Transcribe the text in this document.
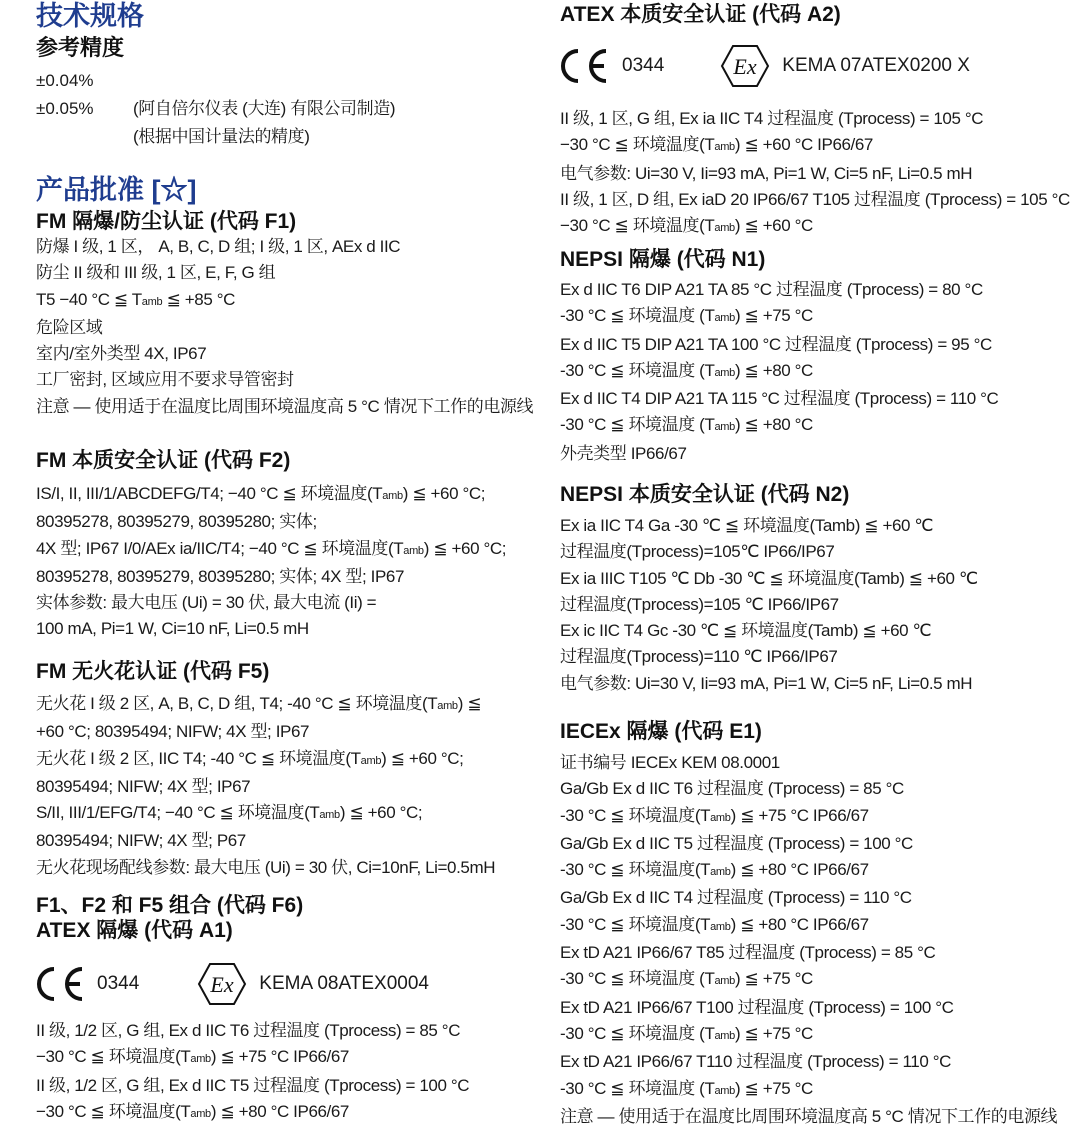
技术规格
参考精度
±0.04%
±0.05% (阿自倍尔仪表 (大连) 有限公司制造)
(根据中国计量法的精度)
产品批准 [☆]
FM 隔爆/防尘认证 (代码 F1)
防爆 I 级, 1 区， A, B, C, D 组; I 级, 1 区, AEx d IIC
防尘 II 级和 III 级, 1 区, E, F, G 组
T5 −40 °C ≦ Tamb ≦ +85 °C
危险区域
室内/室外类型 4X, IP67
工厂密封, 区域应用不要求导管密封
注意 — 使用适于在温度比周围环境温度高 5 °C 情况下工作的电源线
FM 本质安全认证 (代码 F2)
IS/I, II, III/1/ABCDEFG/T4; −40 °C ≦ 环境温度(Tamb) ≦ +60 °C;
80395278, 80395279, 80395280; 实体;
4X 型; IP67 I/0/AEx ia/IIC/T4; −40 °C ≦ 环境温度(Tamb) ≦ +60 °C;
80395278, 80395279, 80395280; 实体; 4X 型; IP67
实体参数: 最大电压 (Ui) = 30 伏, 最大电流 (Ii) =
100 mA, Pi=1 W, Ci=10 nF, Li=0.5 mH
FM 无火花认证 (代码 F5)
无火花 I 级 2 区, A, B, C, D 组, T4; -40 °C ≦ 环境温度(Tamb) ≦
+60 °C; 80395494; NIFW; 4X 型; IP67
无火花 I 级 2 区, IIC T4; -40 °C ≦ 环境温度(Tamb) ≦ +60 °C;
80395494; NIFW; 4X 型; IP67
S/II, III/1/EFG/T4; −40 °C ≦ 环境温度(Tamb) ≦ +60 °C;
80395494; NIFW; 4X 型; P67
无火花现场配线参数: 最大电压 (Ui) = 30 伏, Ci=10nF, Li=0.5mH
F1、F2 和 F5 组合 (代码 F6)
ATEX 隔爆 (代码 A1)
0344	Ex KEMA 08ATEX0004
II 级, 1/2 区, G 组, Ex d IIC T6 过程温度 (Tprocess) = 85 °C
−30 °C ≦ 环境温度(Tamb) ≦ +75 °C IP66/67
II 级, 1/2 区, G 组, Ex d IIC T5 过程温度 (Tprocess) = 100 °C
−30 °C ≦ 环境温度(Tamb) ≦ +80 °C IP66/67
ATEX 本质安全认证 (代码 A2)
0344	Ex KEMA 07ATEX0200 X
II 级, 1 区, G 组, Ex ia IIC T4 过程温度 (Tprocess) = 105 °C
−30 °C ≦ 环境温度(Tamb) ≦ +60 °C IP66/67
电气参数: Ui=30 V, Ii=93 mA, Pi=1 W, Ci=5 nF, Li=0.5 mH
II 级, 1 区, D 组, Ex iaD 20 IP66/67 T105 过程温度 (Tprocess) = 105 °C
−30 °C ≦ 环境温度(Tamb) ≦ +60 °C
NEPSI 隔爆 (代码 N1)
Ex d IIC T6 DIP A21 TA 85 °C 过程温度 (Tprocess) = 80 °C
-30 °C ≦ 环境温度 (Tamb) ≦ +75 °C
Ex d IIC T5 DIP A21 TA 100 °C 过程温度 (Tprocess) = 95 °C
-30 °C ≦ 环境温度 (Tamb) ≦ +80 °C
Ex d IIC T4 DIP A21 TA 115 °C 过程温度 (Tprocess) = 110 °C
-30 °C ≦ 环境温度 (Tamb) ≦ +80 °C
外壳类型 IP66/67
NEPSI 本质安全认证 (代码 N2)
Ex ia IIC T4 Ga -30 ℃ ≦ 环境温度(Tamb) ≦ +60 ℃
过程温度(Tprocess)=105℃ IP66/IP67
Ex ia IIIC T105 ℃ Db -30 ℃ ≦ 环境温度(Tamb) ≦ +60 ℃
过程温度(Tprocess)=105 ℃ IP66/IP67
Ex ic IIC T4 Gc -30 ℃ ≦ 环境温度(Tamb) ≦ +60 ℃
过程温度(Tprocess)=110 ℃ IP66/IP67
电气参数: Ui=30 V, Ii=93 mA, Pi=1 W, Ci=5 nF, Li=0.5 mH
IECEx 隔爆 (代码 E1)
证书编号 IECEx KEM 08.0001
Ga/Gb Ex d IIC T6 过程温度 (Tprocess) = 85 °C
-30 °C ≦ 环境温度(Tamb) ≦ +75 °C IP66/67
Ga/Gb Ex d IIC T5 过程温度 (Tprocess) = 100 °C
-30 °C ≦ 环境温度(Tamb) ≦ +80 °C IP66/67
Ga/Gb Ex d IIC T4 过程温度 (Tprocess) = 110 °C
-30 °C ≦ 环境温度(Tamb) ≦ +80 °C IP66/67
Ex tD A21 IP66/67 T85 过程温度 (Tprocess) = 85 °C
-30 °C ≦ 环境温度 (Tamb) ≦ +75 °C
Ex tD A21 IP66/67 T100 过程温度 (Tprocess) = 100 °C
-30 °C ≦ 环境温度 (Tamb) ≦ +75 °C
Ex tD A21 IP66/67 T110 过程温度 (Tprocess) = 110 °C
-30 °C ≦ 环境温度 (Tamb) ≦ +75 °C
注意 — 使用适于在温度比周围环境温度高 5 °C 情况下工作的电源线
